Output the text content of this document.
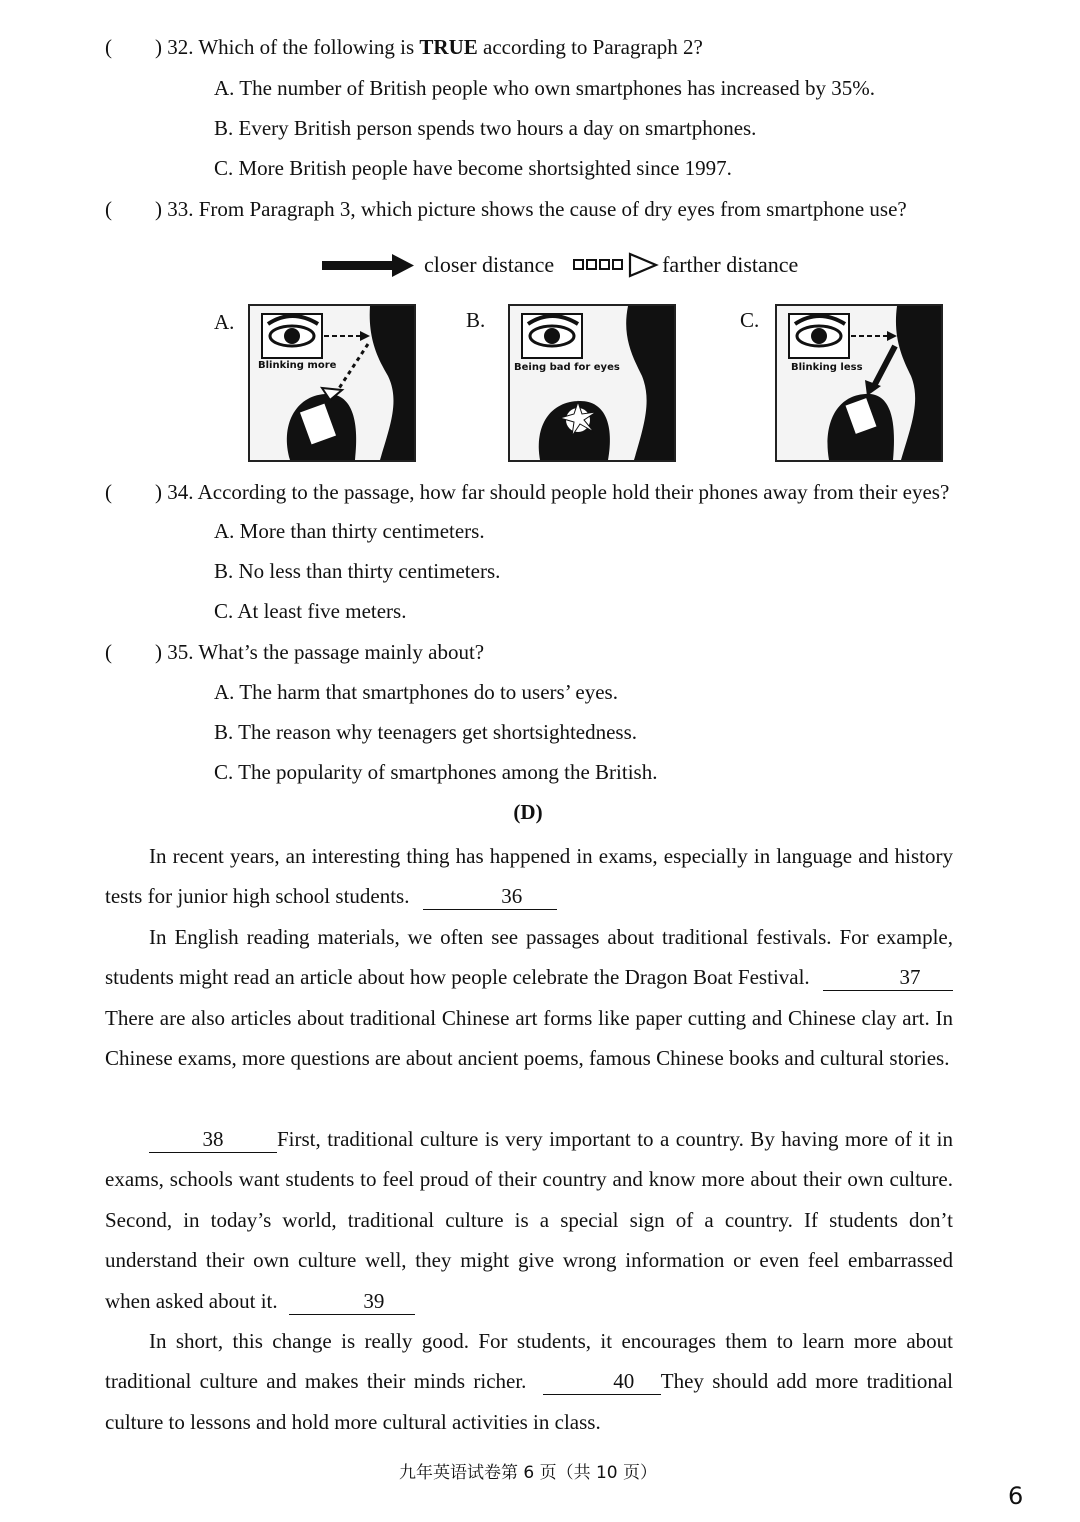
( ) 32. Which of the following is TRUE according to Paragraph 2?
A. The number of British people who own smartphones has increased by 35%.
B. Every British person spends two hours a day on smartphones.
C. More British people have become shortsighted since 1997.
( ) 33. From Paragraph 3, which picture shows the cause of dry eyes from smartphone use?
closer distance	farther distance
A.
Blinking more
B.
Being bad for eyes
C.
Blinking less
( ) 34. According to the passage, how far should people hold their phones away from their eyes?
A. More than thirty centimeters.
B. No less than thirty centimeters.
C. At least five meters.
( ) 35. What’s the passage mainly about?
A. The harm that smartphones do to users’ eyes.
B. The reason why teenagers get shortsightedness.
C. The popularity of smartphones among the British.
(D)
In recent years, an interesting thing has happened in exams, especially in language and history tests for junior high school students.	36
In English reading materials, we often see passages about traditional festivals. For example, students might read an article about how people celebrate the Dragon Boat Festival.	37 There are also articles about traditional Chinese art forms like paper cutting and Chinese clay art. In Chinese exams, more questions are about ancient poems, famous Chinese books and cultural stories.
38	First, traditional culture is very important to a country. By having more of it in exams, schools want students to feel proud of their country and know more about their own culture. Second, in today’s world, traditional culture is a special sign of a country. If students don’t understand their own culture well, they might give wrong information or even feel embarrassed when asked about it.	39
In short, this change is really good. For students, it encourages them to learn more about traditional culture and makes their minds richer.	40 They should add more traditional culture to lessons and hold more cultural activities in class.
九年英语试卷第 6 页（共 10 页）
6
